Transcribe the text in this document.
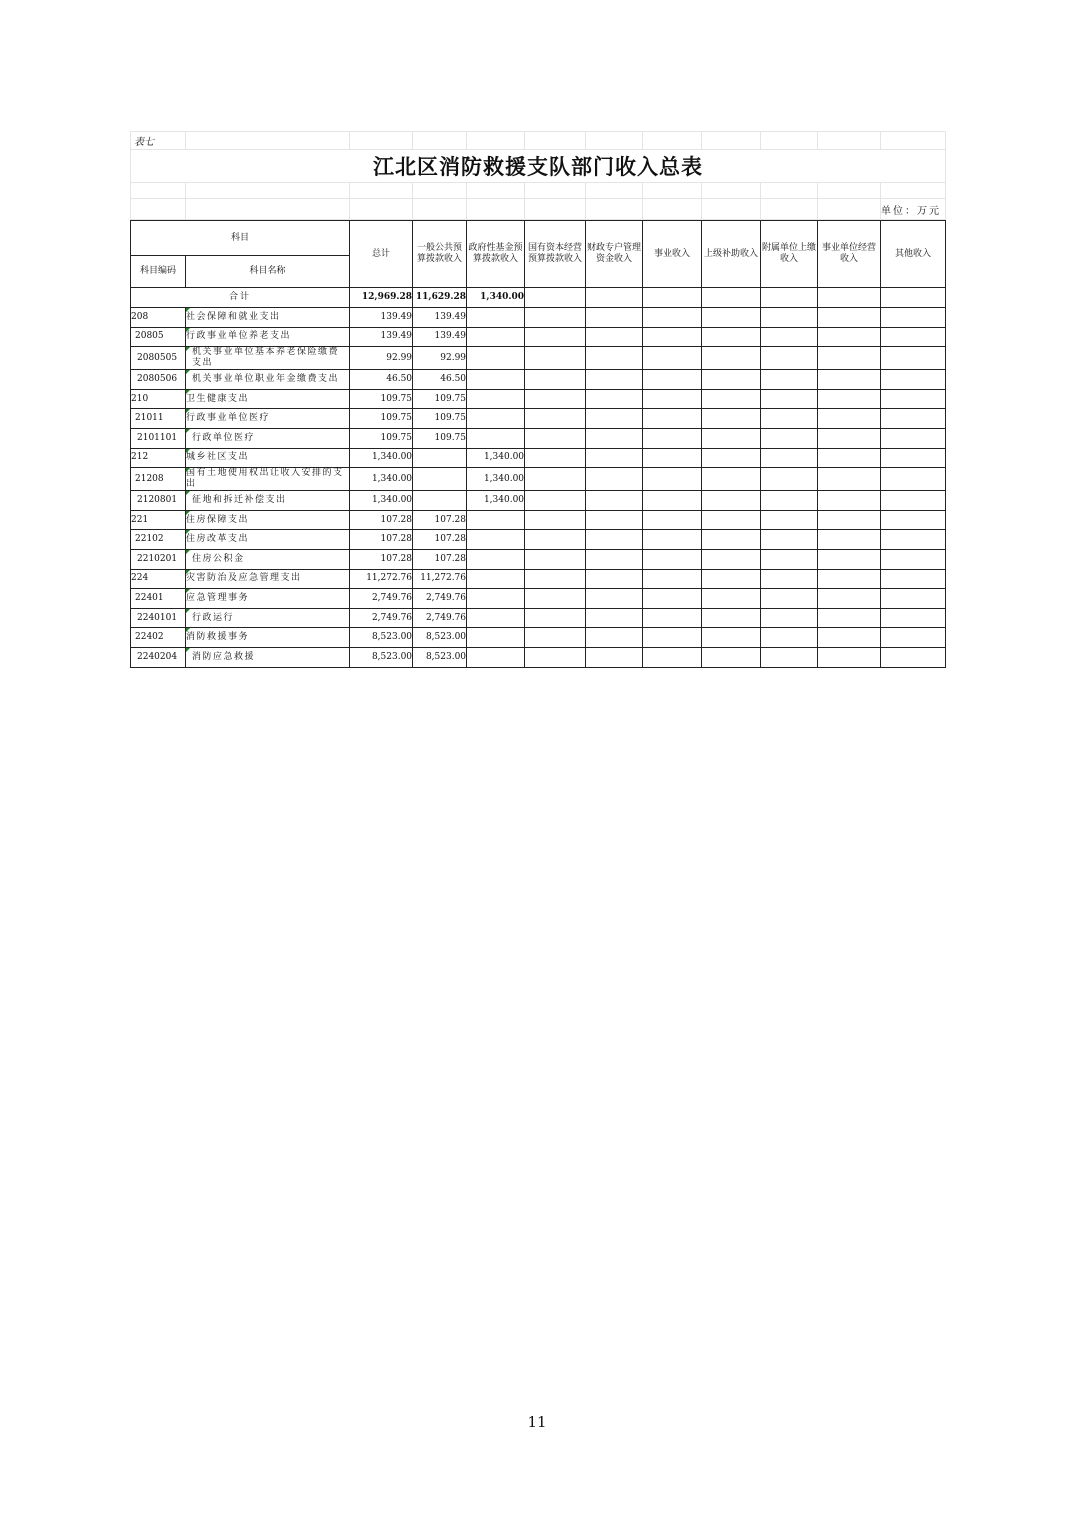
表七											
江北区消防救援支队部门收入总表											

											单位：万元
科目		总计	一般公共预算拨款收入	政府性基金预算拨款收入	国有资本经营预算拨款收入	财政专户管理资金收入	事业收入	上级补助收入	附属单位上缴收入	事业单位经营收入	其他收入
科目编码	科目名称										
合计		12,969.28	11,629.28	1,340.00							
208	社会保障和就业支出	139.49	139.49								
20805	行政事业单位养老支出	139.49	139.49								
2080505	机关事业单位基本养老保险缴费支出	92.99	92.99								
2080506	机关事业单位职业年金缴费支出	46.50	46.50								
210	卫生健康支出	109.75	109.75								
21011	行政事业单位医疗	109.75	109.75								
2101101	行政单位医疗	109.75	109.75								
212	城乡社区支出	1,340.00		1,340.00							
21208	国有土地使用权出让收入安排的支出	1,340.00		1,340.00							
2120801	征地和拆迁补偿支出	1,340.00		1,340.00							
221	住房保障支出	107.28	107.28								
22102	住房改革支出	107.28	107.28								
2210201	住房公积金	107.28	107.28								
224	灾害防治及应急管理支出	11,272.76	11,272.76								
22401	应急管理事务	2,749.76	2,749.76								
2240101	行政运行	2,749.76	2,749.76								
22402	消防救援事务	8,523.00	8,523.00								
2240204	消防应急救援	8,523.00	8,523.00								
11
